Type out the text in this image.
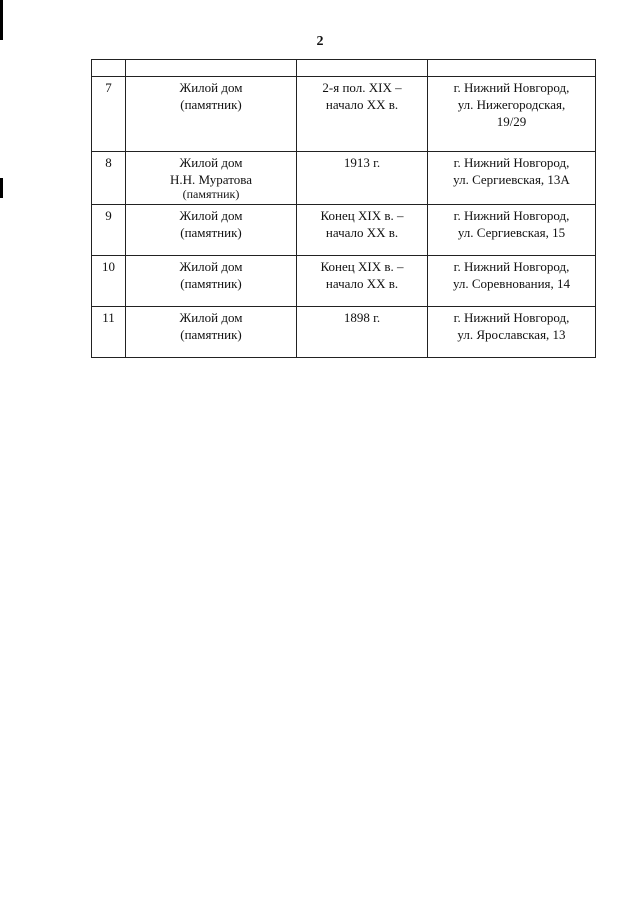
2

7	Жилой дом
(памятник)	2-я пол. XIX –
начало XX в.	г. Нижний Новгород,
ул. Нижегородская,
19/29

8	Жилой дом
Н.Н. Муратова
(памятник)	1913 г.	г. Нижний Новгород,
ул. Сергиевская, 13А

9	Жилой дом
(памятник)	Конец XIX в. –
начало XX в.	г. Нижний Новгород,
ул. Сергиевская, 15

10	Жилой дом
(памятник)	Конец XIX в. –
начало XX в.	г. Нижний Новгород,
ул. Соревнования, 14

11	Жилой дом
(памятник)	1898 г.	г. Нижний Новгород,
ул. Ярославская, 13
